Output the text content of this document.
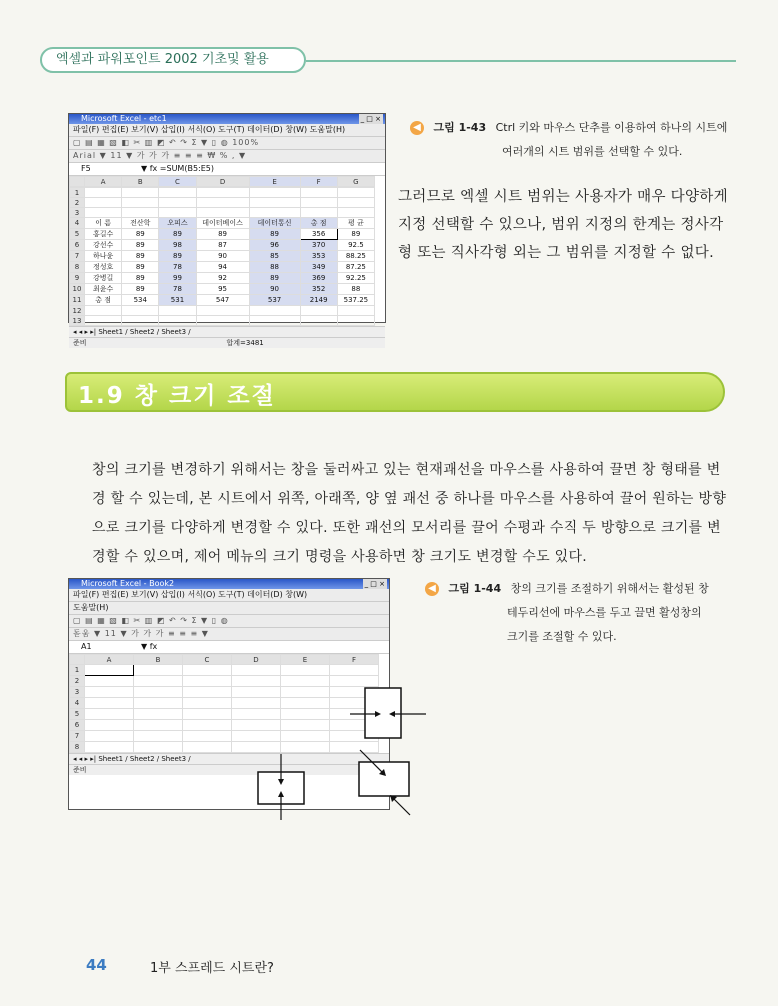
엑셀과 파워포인트 2002 기초및 활용
Microsoft Excel - etc1	_ □ ×
파일(F) 편집(E) 보기(V) 삽입(I) 서식(O) 도구(T) 데이터(D) 창(W) 도움말(H)
▢ ▤ ▦ ▧ ◧ ✂ ▥ ◩ ↶ ↷ Σ ▼ ▯ ◍ 100%
Arial ▼ 11 ▼ 가 가 가 ≡ ≡ ≡ ₩ % , ▼
F5	▼ fx =SUM(B5:E5)
	A	B	C	D	E	F	G
1							
2							
3							
4	이 름	전산학	오피스	데이터베이스	데이터통신	총 점	평 균
5	홍길수	89	89	89	89	356	89
6	강선수	89	98	87	96	370	92.5
7	하나윤	89	89	90	85	353	88.25
8	정성호	89	78	94	88	349	87.25
9	강병길	89	99	92	89	369	92.25
10	최윤수	89	78	95	90	352	88
11	총 점	534	531	547	537	2149	537.25
12							
13							
◂ ◂ ▸ ▸| Sheet1 / Sheet2 / Sheet3 /
준비	합계=3481
◀ 그림 1-43 Ctrl 키와 마우스 단추를 이용하여 하나의 시트에
여러개의 시트 범위를 선택할 수 있다.
그러므로 엑셀 시트 범위는 사용자가 매우 다양하게 지정 선택할 수 있으나, 범위 지정의 한계는 정사각형 또는 직사각형 외는 그 범위를 지정할 수 없다.
1.9 창 크기 조절
창의 크기를 변경하기 위해서는 창을 둘러싸고 있는 현재괘선을 마우스를 사용하여 끌면 창 형태를 변경 할 수 있는데, 본 시트에서 위쪽, 아래쪽, 양 옆 괘선 중 하나를 마우스를 사용하여 끌어 원하는 방향으로 크기를 다양하게 변경할 수 있다. 또한 괘선의 모서리를 끌어 수평과 수직 두 방향으로 크기를 변경할 수 있으며, 제어 메뉴의 크기 명령을 사용하면 창 크기도 변경할 수도 있다.
Microsoft Excel - Book2	_ □ ×
파일(F) 편집(E) 보기(V) 삽입(I) 서식(O) 도구(T) 데이터(D) 창(W)
도움말(H)
▢ ▤ ▦ ▧ ◧ ✂ ▥ ◩ ↶ ↷ Σ ▼ ▯ ◍
돋움 ▼ 11 ▼ 가 가 가 ≡ ≡ ≡ ▼
A1	▼ fx
	A	B	C	D	E	F
1						
2						
3						
4						
5						
6						
7						
8						
◂ ◂ ▸ ▸| Sheet1 / Sheet2 / Sheet3 /
준비
◀ 그림 1-44 창의 크기를 조절하기 위해서는 활성된 창
테두리선에 마우스를 두고 끌면 활성창의
크기를 조절할 수 있다.
44	1부 스프레드 시트란?
